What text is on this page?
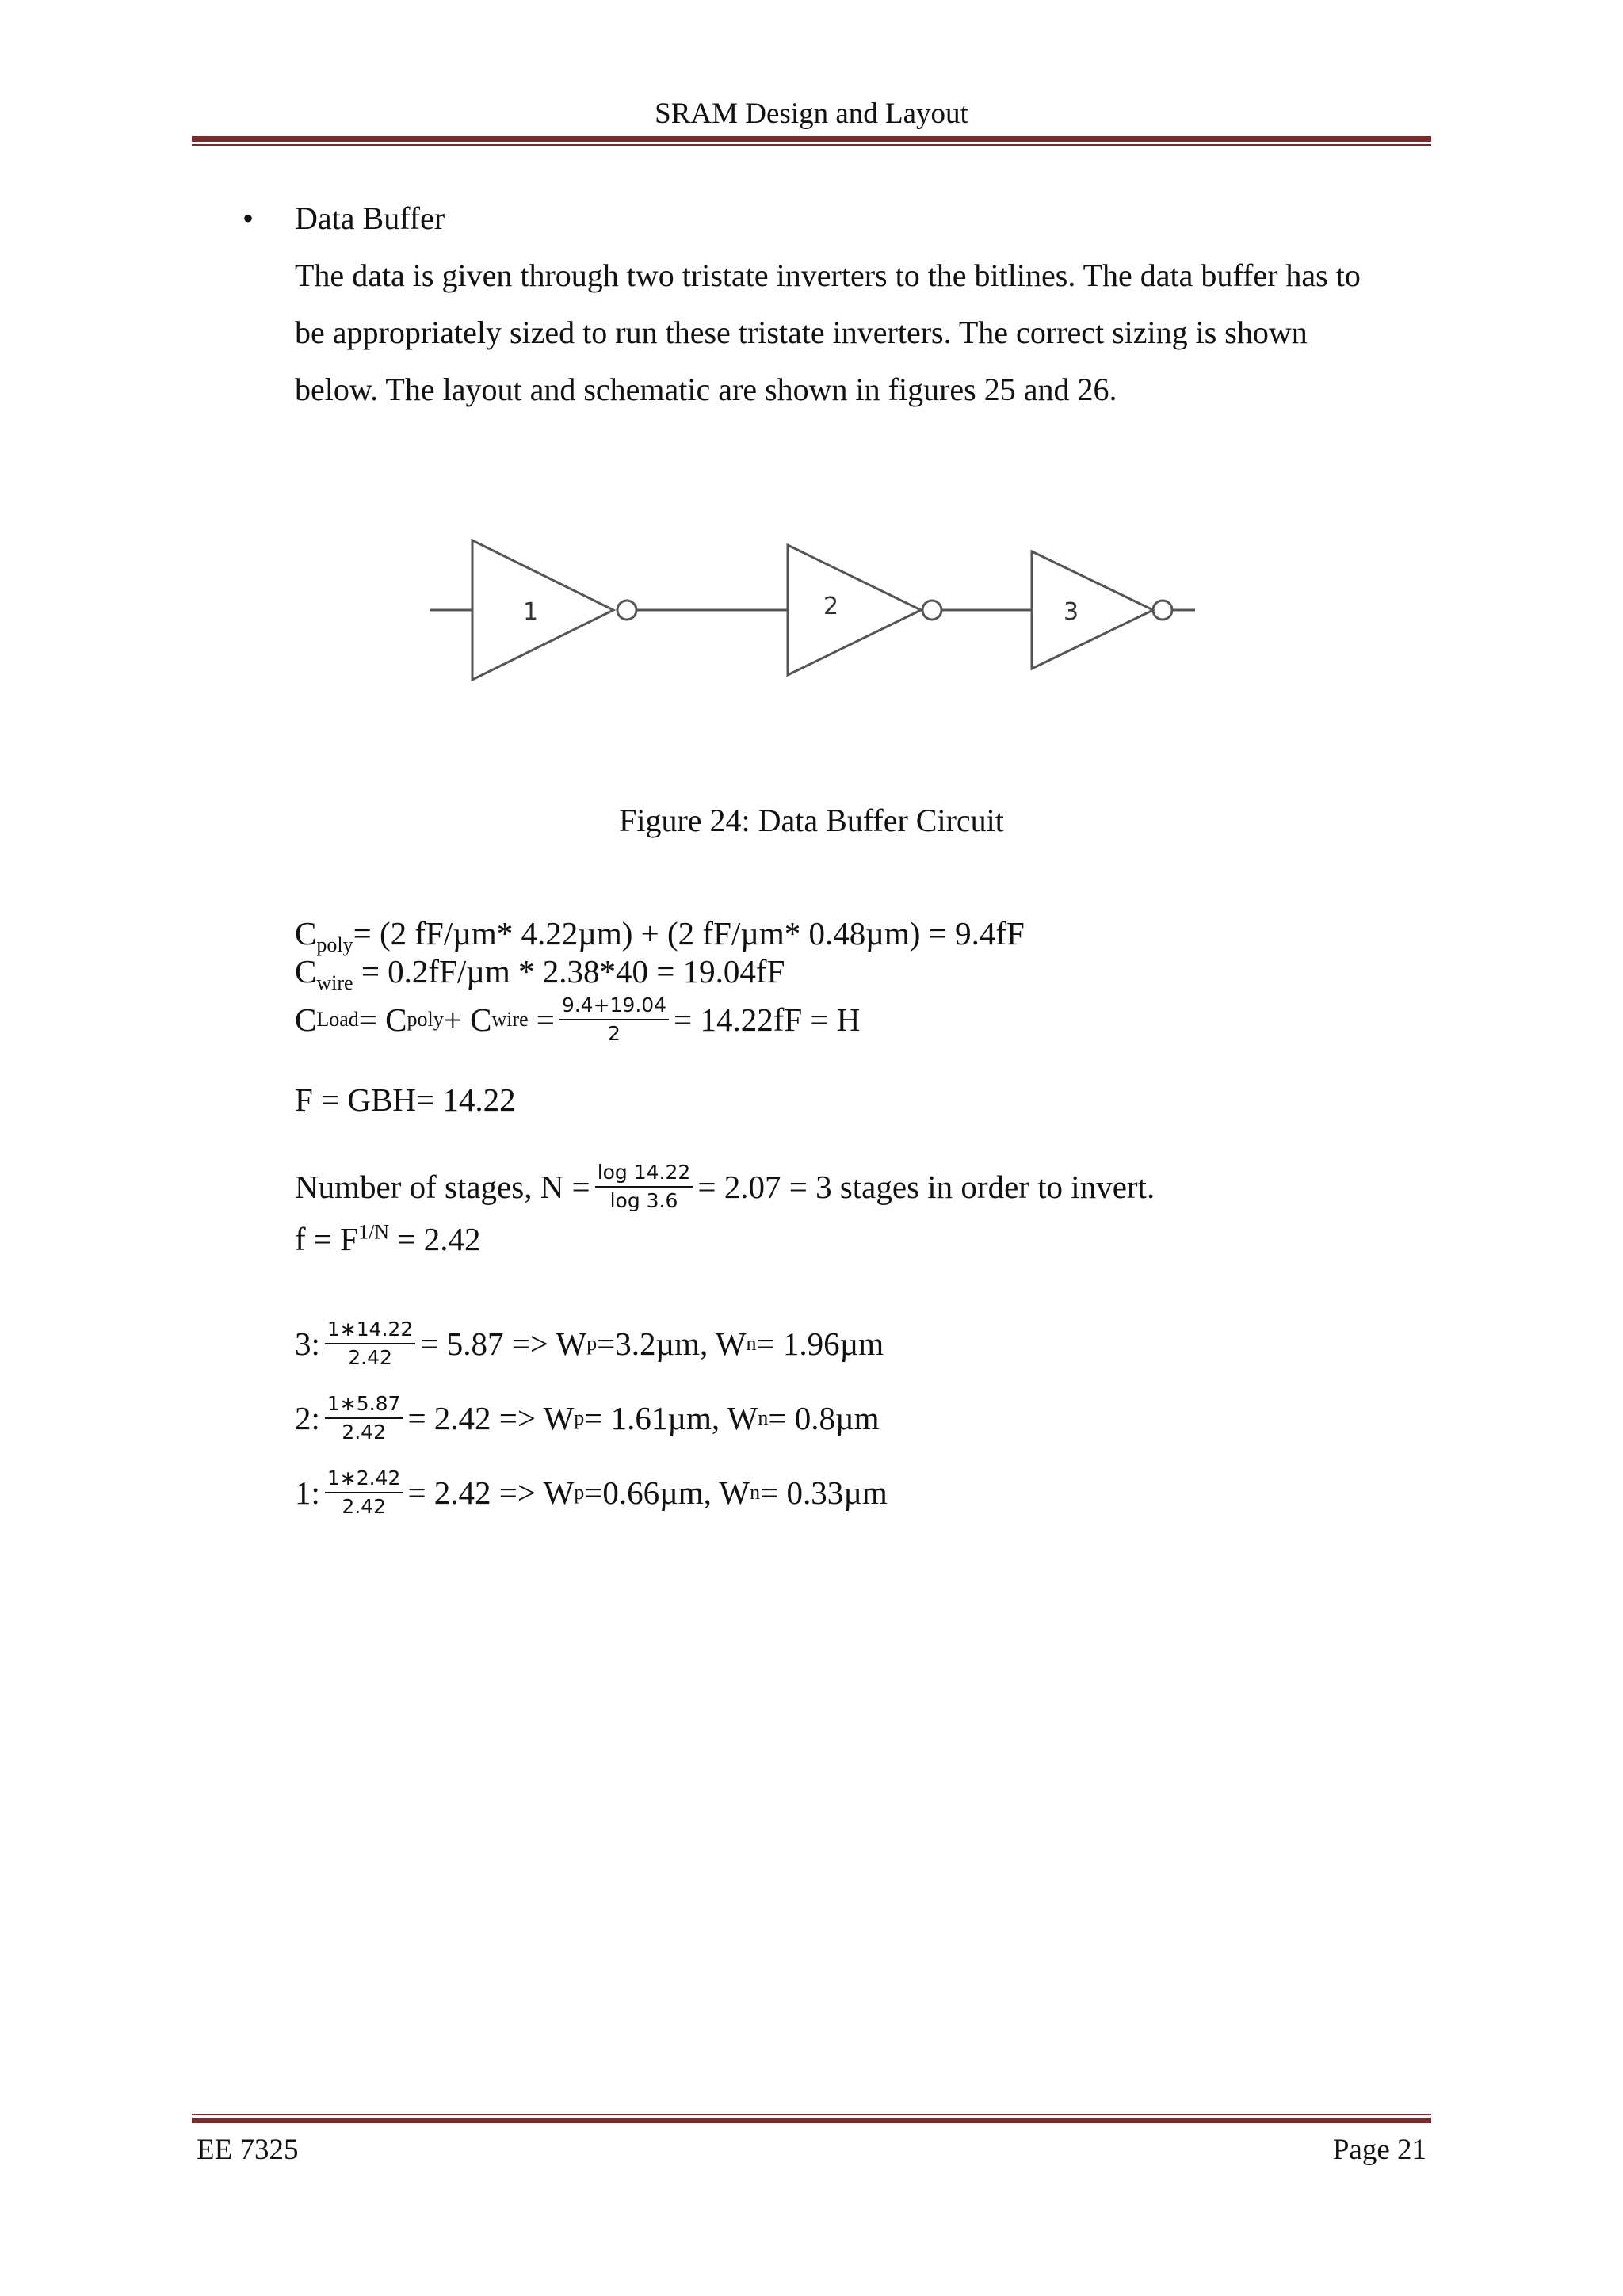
SRAM Design and Layout
• Data Buffer
The data is given through two tristate inverters to the bitlines. The data buffer has to
be appropriately sized to run these tristate inverters. The correct sizing is shown
below. The layout and schematic are shown in figures 25 and 26.
1	2	3
Figure 24: Data Buffer Circuit
$C_{poly}= (2$ fF/µm* 4.22µm) + (2 fF/µm* 0.48µm) = 9.4fF
$C_{wire} = 0.2fF/\mu m * 2.38*40 = 19.04fF$
C Load = C poly + C wire = $\frac{9.4+19.04}{2} = 14.22fF = H$
F = GBH= 14.22
Number of stages, $N = \frac{\log 14.22}{\log 3.6} = 2.07 = 3$ stages in order to invert.
$f = F^{1/N} = 2.42$
3: $\frac{1∗14.22}{2.42} = 5.87 => W$ p =3.2µm, W n = 1.96µm
2: $\frac{1∗5.87}{2.42} = 2.42 => W$ p = 1.61µm, W n = 0.8µm
1: $\frac{1∗2.42}{2.42} = 2.42 => W$ p =0.66µm, W n = 0.33µm
EE 7325	Page 21
